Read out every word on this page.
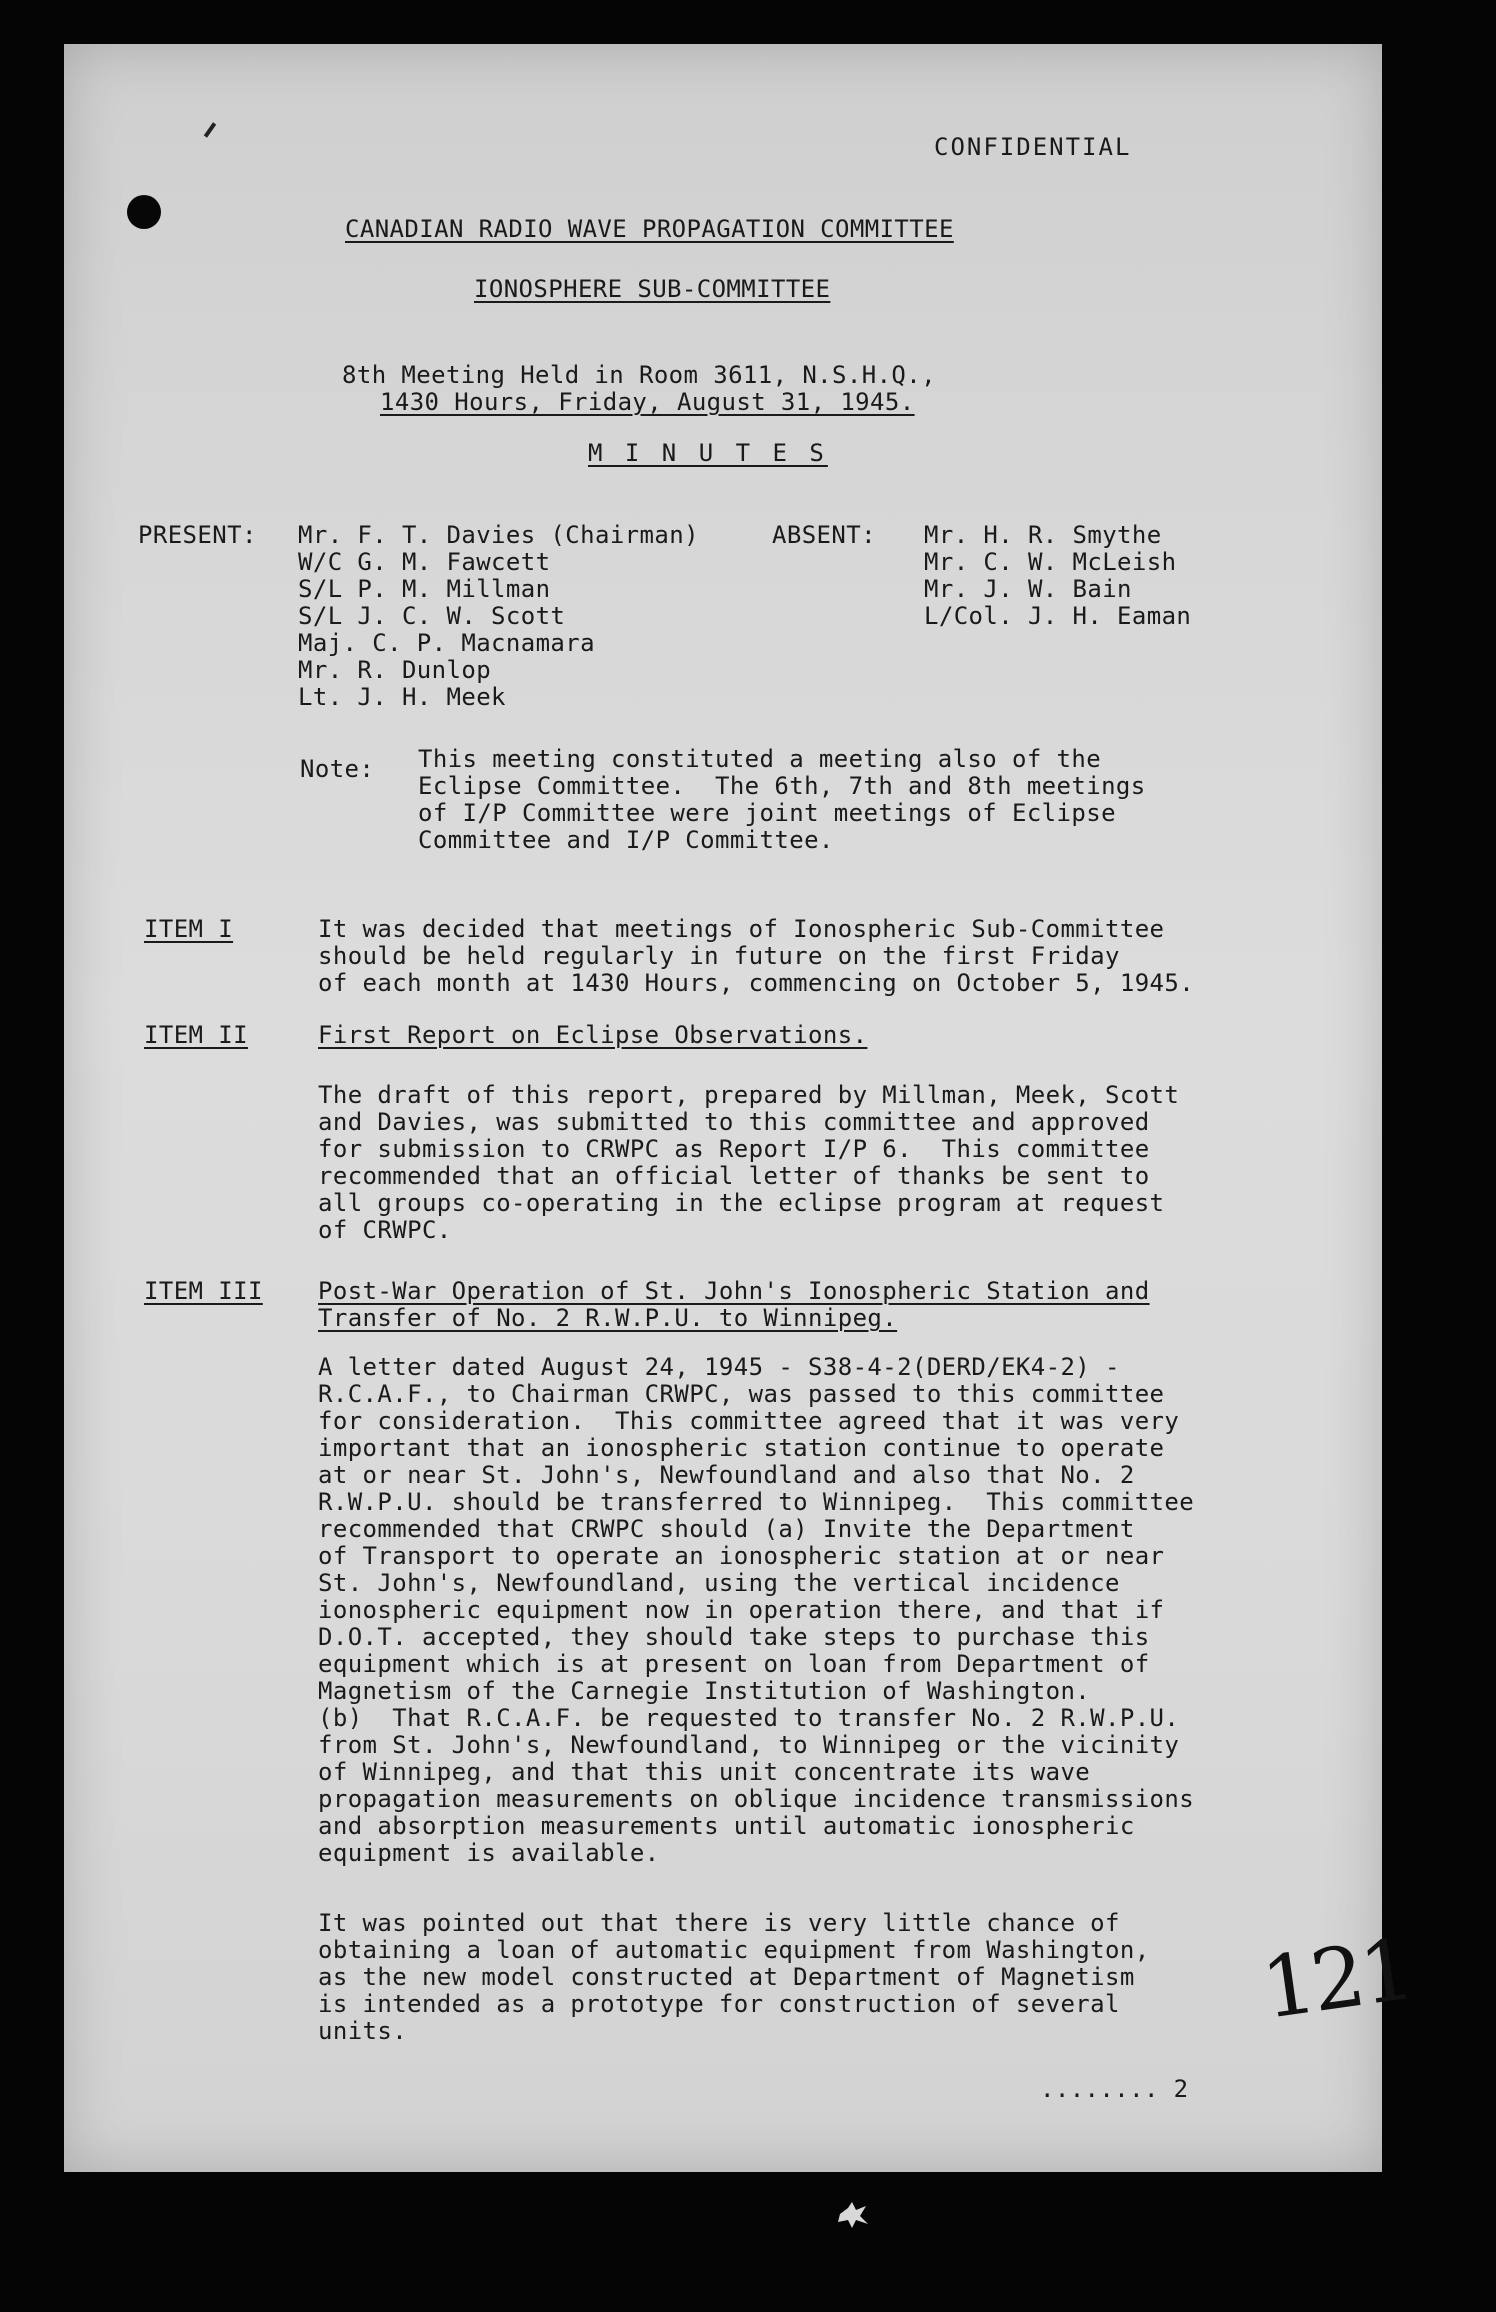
CONFIDENTIAL
CANADIAN RADIO WAVE PROPAGATION COMMITTEE
IONOSPHERE SUB-COMMITTEE
8th Meeting Held in Room 3611, N.S.H.Q.,
1430 Hours, Friday, August 31, 1945.
M I N U T E S
PRESENT: Mr. F. T. Davies (Chairman)
W/C G. M. Fawcett
S/L P. M. Millman
S/L J. C. W. Scott
Maj. C. P. Macnamara
Mr. R. Dunlop
Lt. J. H. Meek
ABSENT: Mr. H. R. Smythe
Mr. C. W. McLeish
Mr. J. W. Bain
L/Col. J. H. Eaman
Note: This meeting constituted a meeting also of the
Eclipse Committee.  The 6th, 7th and 8th meetings
of I/P Committee were joint meetings of Eclipse
Committee and I/P Committee.
ITEM I	It was decided that meetings of Ionospheric Sub-Committee
should be held regularly in future on the first Friday
of each month at 1430 Hours, commencing on October 5, 1945.
ITEM II	First Report on Eclipse Observations.
The draft of this report, prepared by Millman, Meek, Scott
and Davies, was submitted to this committee and approved
for submission to CRWPC as Report I/P 6.  This committee
recommended that an official letter of thanks be sent to
all groups co-operating in the eclipse program at request
of CRWPC.
ITEM III Post-War Operation of St. John's Ionospheric Station and
Transfer of No. 2 R.W.P.U. to Winnipeg.
A letter dated August 24, 1945 - S38-4-2(DERD/EK4-2) -
R.C.A.F., to Chairman CRWPC, was passed to this committee
for consideration.  This committee agreed that it was very
important that an ionospheric station continue to operate
at or near St. John's, Newfoundland and also that No. 2
R.W.P.U. should be transferred to Winnipeg.  This committee
recommended that CRWPC should (a) Invite the Department
of Transport to operate an ionospheric station at or near
St. John's, Newfoundland, using the vertical incidence
ionospheric equipment now in operation there, and that if
D.O.T. accepted, they should take steps to purchase this
equipment which is at present on loan from Department of
Magnetism of the Carnegie Institution of Washington.
(b)  That R.C.A.F. be requested to transfer No. 2 R.W.P.U.
from St. John's, Newfoundland, to Winnipeg or the vicinity
of Winnipeg, and that this unit concentrate its wave
propagation measurements on oblique incidence transmissions
and absorption measurements until automatic ionospheric
equipment is available.
It was pointed out that there is very little chance of
obtaining a loan of automatic equipment from Washington,
as the new model constructed at Department of Magnetism
is intended as a prototype for construction of several
units.
........ 2
121
